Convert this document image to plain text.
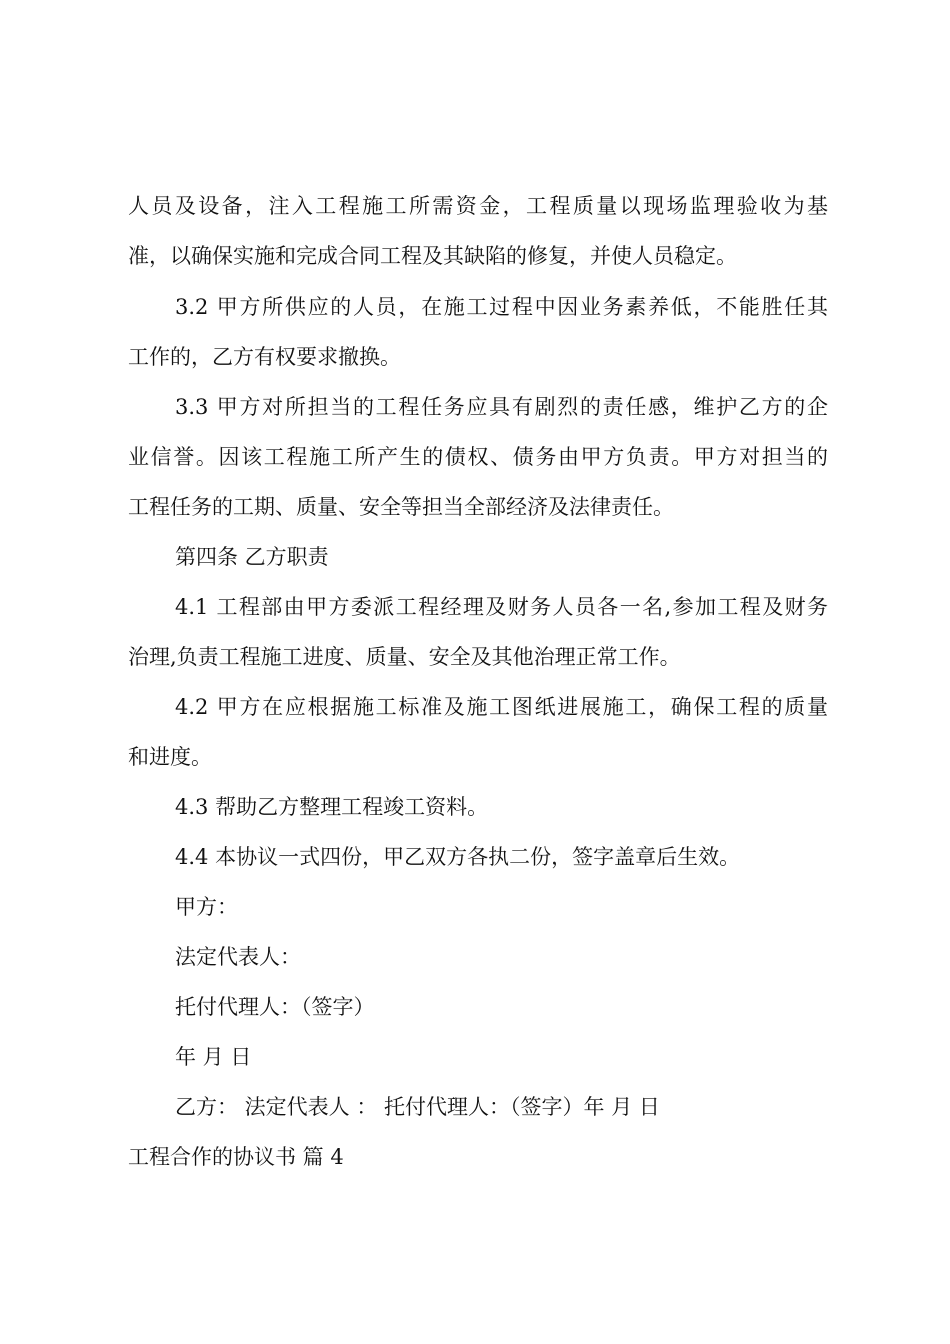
人员及设备，注入工程施工所需资金，工程质量以现场监理验收为基
准，以确保实施和完成合同工程及其缺陷的修复，并使人员稳定。
3.2 甲方所供应的人员，在施工过程中因业务素养低，不能胜任其
工作的，乙方有权要求撤换。
3.3 甲方对所担当的工程任务应具有剧烈的责任感，维护乙方的企
业信誉。因该工程施工所产生的债权、债务由甲方负责。甲方对担当的
工程任务的工期、质量、安全等担当全部经济及法律责任。
第四条 乙方职责
4.1 工程部由甲方委派工程经理及财务人员各一名,参加工程及财务
治理,负责工程施工进度、质量、安全及其他治理正常工作。
4.2 甲方在应根据施工标准及施工图纸进展施工，确保工程的质量
和进度。
4.3 帮助乙方整理工程竣工资料。
4.4 本协议一式四份，甲乙双方各执二份，签字盖章后生效。
甲方：
法定代表人：
托付代理人：（签字）
年 月 日
乙方： 法定代表人 ： 托付代理人：（签字）年 月 日
工程合作的协议书 篇 4
